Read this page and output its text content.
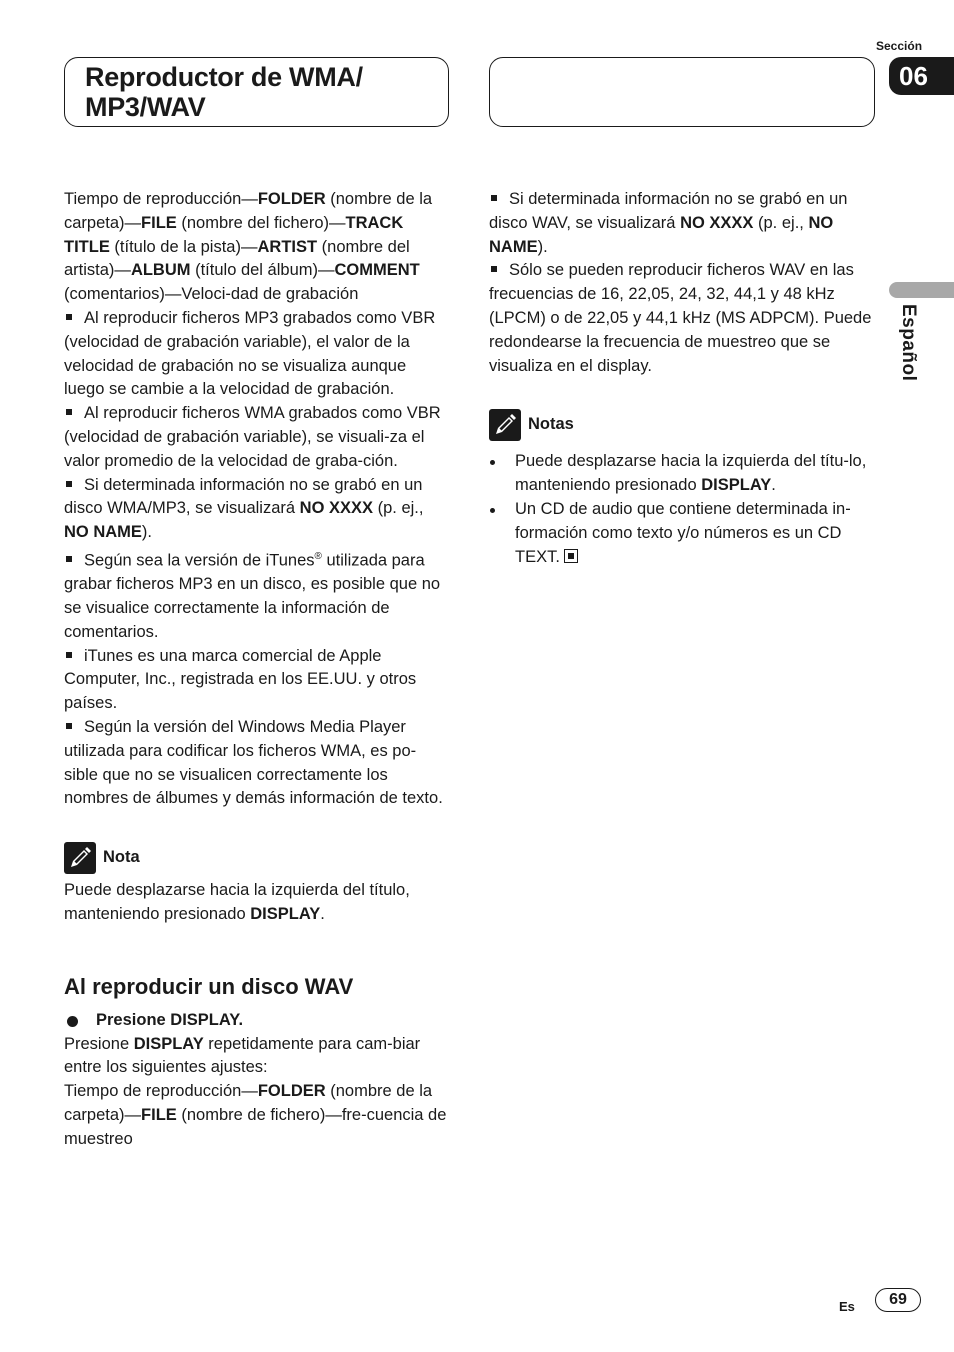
Reproductor de WMA/
MP3/WAV
Sección
06
Español

Tiempo de reproducción—FOLDER (nombre de la carpeta)—FILE (nombre del fichero)—TRACK TITLE (título de la pista)—ARTIST (nombre del artista)—ALBUM (título del álbum)—COMMENT (comentarios)—Veloci-dad de grabación

Al reproducir ficheros MP3 grabados como VBR (velocidad de grabación variable), el valor de la velocidad de grabación no se visualiza aunque luego se cambie a la velocidad de grabación.

Al reproducir ficheros WMA grabados como VBR (velocidad de grabación variable), se visuali-za el valor promedio de la velocidad de graba-ción.

Si determinada información no se grabó en un disco WMA/MP3, se visualizará NO XXXX (p. ej., NO NAME).

Según sea la versión de iTunes® utilizada para grabar ficheros MP3 en un disco, es posible que no se visualice correctamente la información de comentarios.

iTunes es una marca comercial de Apple Computer, Inc., registrada en los EE.UU. y otros países.

Según la versión del Windows Media Player utilizada para codificar los ficheros WMA, es po-sible que no se visualicen correctamente los nombres de álbumes y demás información de texto.

Nota

Puede desplazarse hacia la izquierda del título, manteniendo presionado DISPLAY.

Al reproducir un disco WAV
Presione DISPLAY.

Presione DISPLAY repetidamente para cam-biar entre los siguientes ajustes:

Tiempo de reproducción—FOLDER (nombre de la carpeta)—FILE (nombre de fichero)—fre-cuencia de muestreo

Si determinada información no se grabó en un disco WAV, se visualizará NO XXXX (p. ej., NO NAME).

Sólo se pueden reproducir ficheros WAV en las frecuencias de 16, 22,05, 24, 32, 44,1 y 48 kHz (LPCM) o de 22,05 y 44,1 kHz (MS ADPCM). Puede redondearse la frecuencia de muestreo que se visualiza en el display.

Notas
Puede desplazarse hacia la izquierda del títu-lo, manteniendo presionado DISPLAY.
Un CD de audio que contiene determinada in-formación como texto y/o números es un CD TEXT.
Es	69
